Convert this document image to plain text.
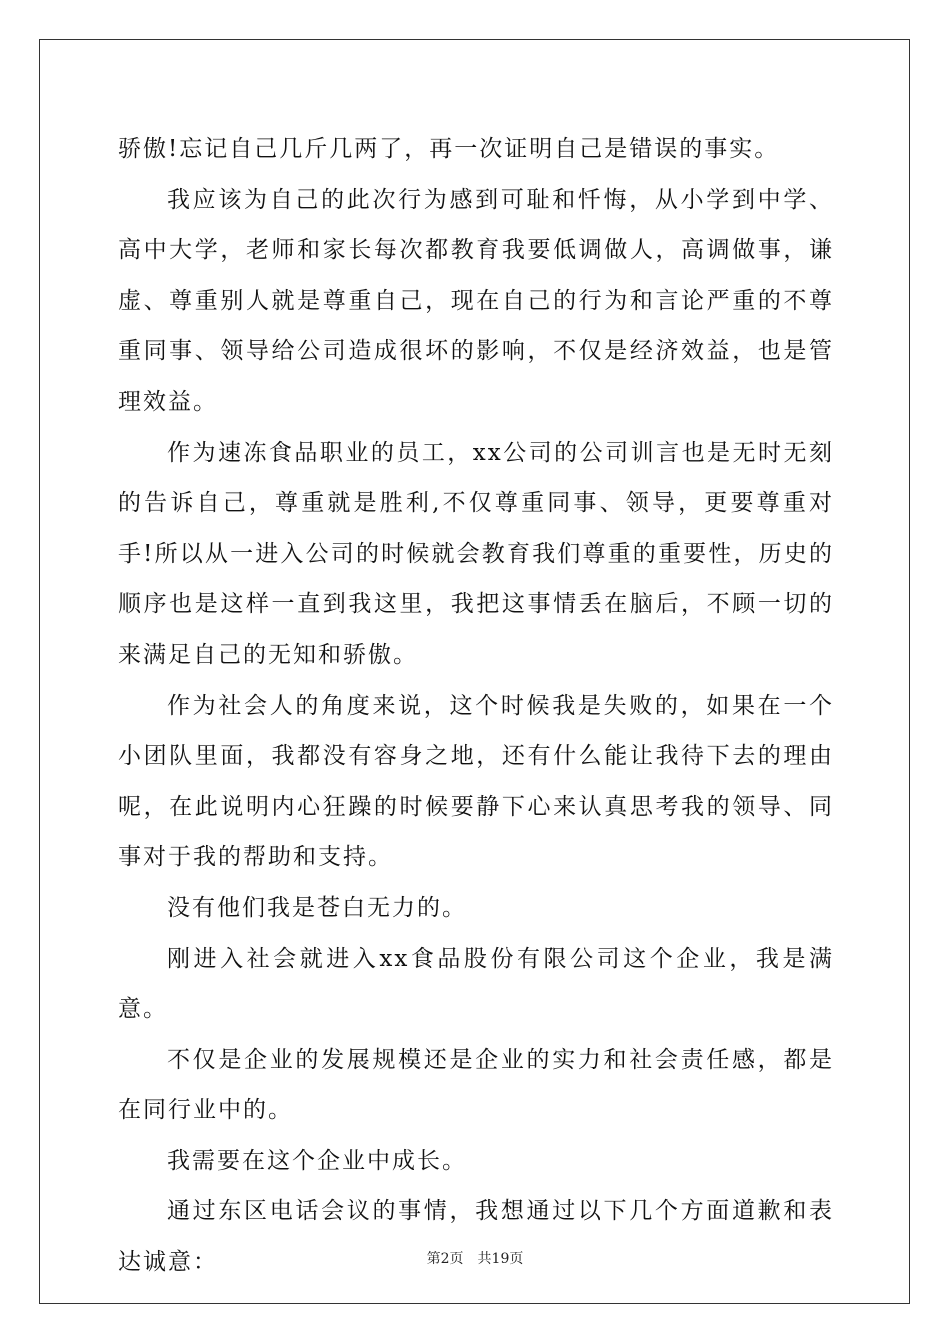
骄傲!忘记自己几斤几两了，再一次证明自己是错误的事实。

我应该为自己的此次行为感到可耻和忏悔，从小学到中学、高中大学，老师和家长每次都教育我要低调做人，高调做事，谦虚、尊重别人就是尊重自己，现在自己的行为和言论严重的不尊重同事、领导给公司造成很坏的影响，不仅是经济效益，也是管理效益。

作为速冻食品职业的员工，xx公司的公司训言也是无时无刻的告诉自己，尊重就是胜利,不仅尊重同事、领导，更要尊重对手!所以从一进入公司的时候就会教育我们尊重的重要性，历史的顺序也是这样一直到我这里，我把这事情丢在脑后，不顾一切的来满足自己的无知和骄傲。

作为社会人的角度来说，这个时候我是失败的，如果在一个小团队里面，我都没有容身之地，还有什么能让我待下去的理由呢，在此说明内心狂躁的时候要静下心来认真思考我的领导、同事对于我的帮助和支持。

没有他们我是苍白无力的。

刚进入社会就进入xx食品股份有限公司这个企业，我是满意。

不仅是企业的发展规模还是企业的实力和社会责任感，都是在同行业中的。

我需要在这个企业中成长。

通过东区电话会议的事情，我想通过以下几个方面道歉和表达诚意：	第2页 共19页
